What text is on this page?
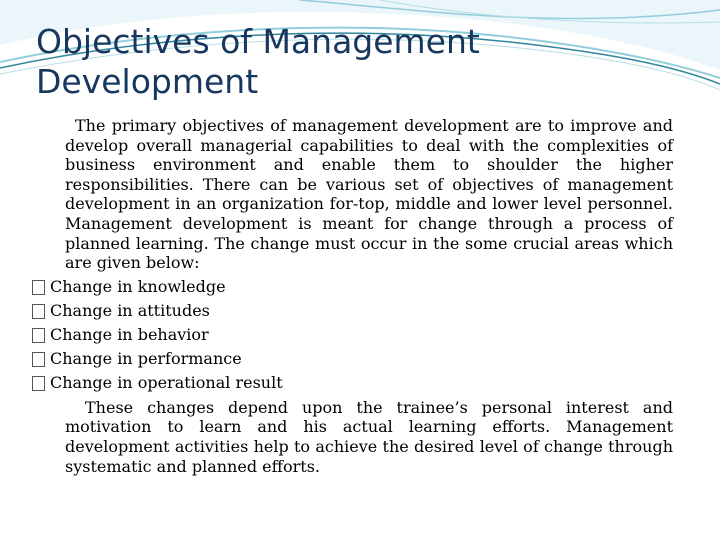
Objectives of Management
Development

The primary objectives of management development are to improve and develop overall managerial capabilities to deal with the complexities of business environment and enable them to shoulder the higher responsibilities. There can be various set of objectives of management development in an organization for-top, middle and lower level personnel. Management development is meant for change through a process of planned learning. The change must occur in the some crucial areas which are given below:

Change in knowledge
Change in attitudes
Change in behavior
Change in performance
Change in operational result

These changes depend upon the trainee’s personal interest and motivation to learn and his actual learning efforts. Management development activities help to achieve the desired level of change through systematic and planned efforts.
